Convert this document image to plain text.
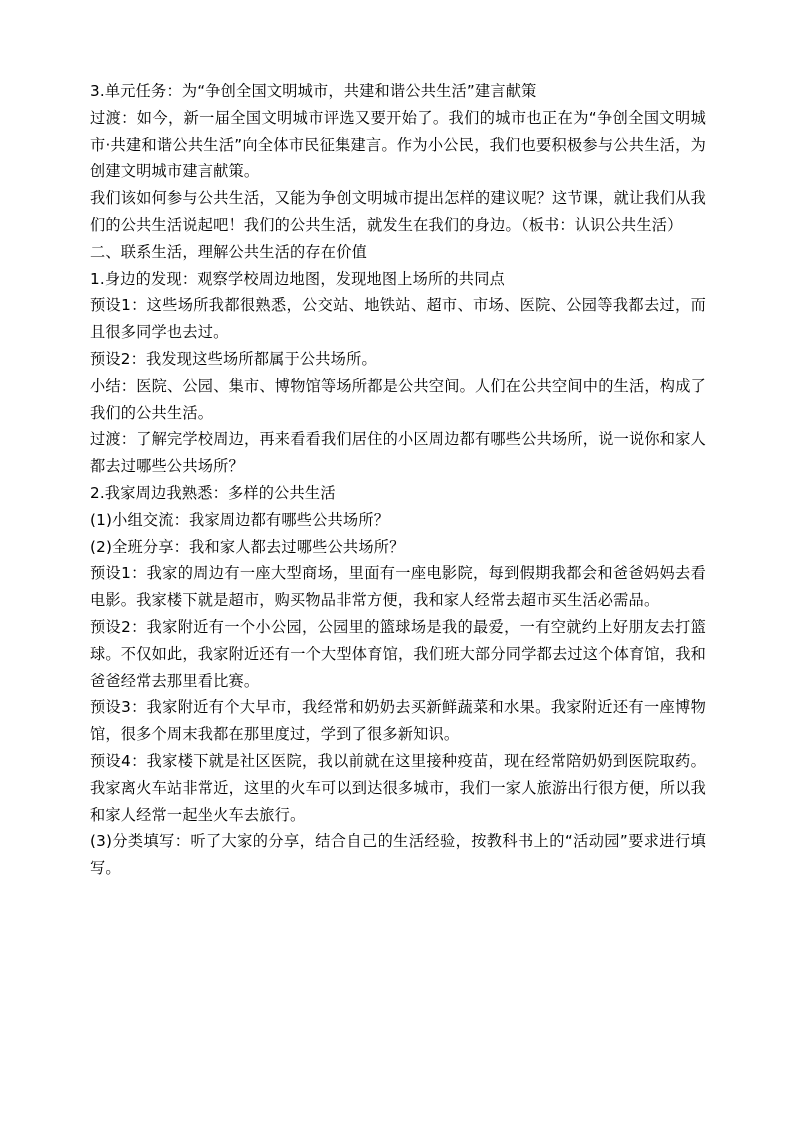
3.单元任务：为“争创全国文明城市，共建和谐公共生活”建言献策

过渡：如今，新一届全国文明城市评选又要开始了。我们的城市也正在为“争创全国文明城市·共建和谐公共生活”向全体市民征集建言。作为小公民，我们也要积极参与公共生活，为创建文明城市建言献策。

我们该如何参与公共生活，又能为争创文明城市提出怎样的建议呢？这节课，就让我们从我们的公共生活说起吧！我们的公共生活，就发生在我们的身边。（板书：认识公共生活）

二、联系生活，理解公共生活的存在价值

1.身边的发现：观察学校周边地图，发现地图上场所的共同点

预设1：这些场所我都很熟悉，公交站、地铁站、超市、市场、医院、公园等我都去过，而且很多同学也去过。

预设2：我发现这些场所都属于公共场所。

小结：医院、公园、集市、博物馆等场所都是公共空间。人们在公共空间中的生活，构成了我们的公共生活。

过渡：了解完学校周边，再来看看我们居住的小区周边都有哪些公共场所，说一说你和家人都去过哪些公共场所？

2.我家周边我熟悉：多样的公共生活

(1)小组交流：我家周边都有哪些公共场所？

(2)全班分享：我和家人都去过哪些公共场所？

预设1：我家的周边有一座大型商场，里面有一座电影院，每到假期我都会和爸爸妈妈去看电影。我家楼下就是超市，购买物品非常方便，我和家人经常去超市买生活必需品。

预设2：我家附近有一个小公园，公园里的篮球场是我的最爱，一有空就约上好朋友去打篮球。不仅如此，我家附近还有一个大型体育馆，我们班大部分同学都去过这个体育馆，我和爸爸经常去那里看比赛。

预设3：我家附近有个大早市，我经常和奶奶去买新鲜蔬菜和水果。我家附近还有一座博物馆，很多个周末我都在那里度过，学到了很多新知识。

预设4：我家楼下就是社区医院，我以前就在这里接种疫苗，现在经常陪奶奶到医院取药。我家离火车站非常近，这里的火车可以到达很多城市，我们一家人旅游出行很方便，所以我和家人经常一起坐火车去旅行。

(3)分类填写：听了大家的分享，结合自己的生活经验，按教科书上的“活动园”要求进行填写。
